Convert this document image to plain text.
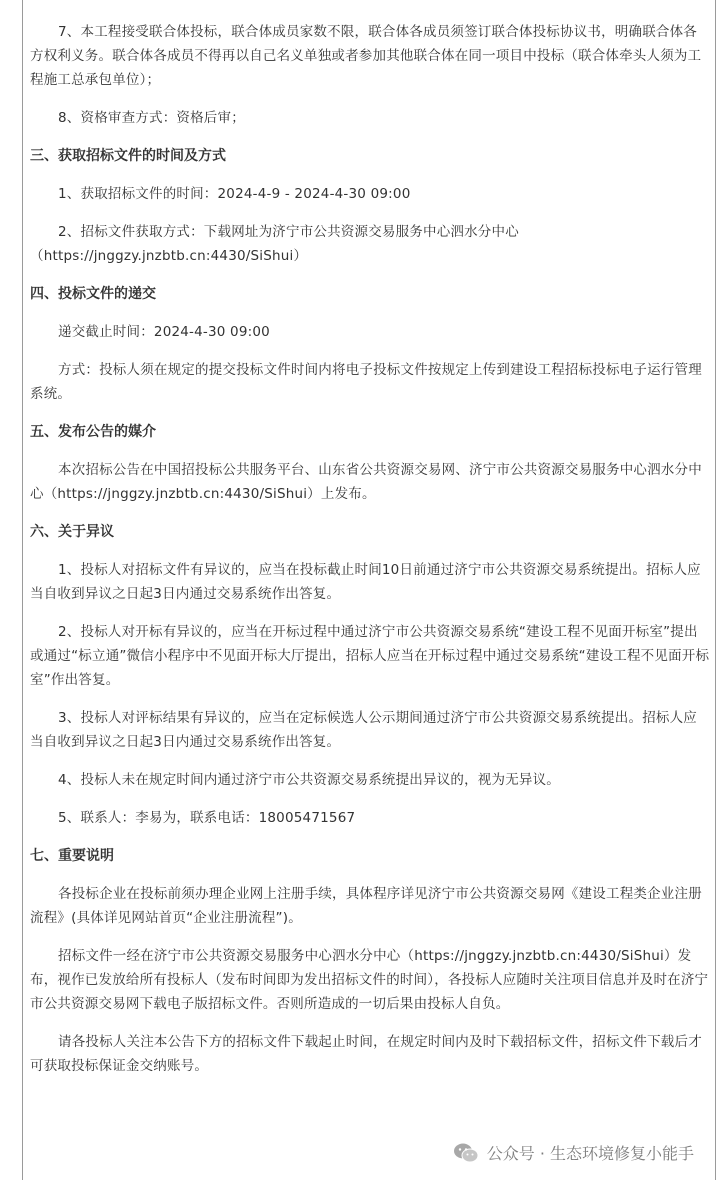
7、本工程接受联合体投标，联合体成员家数不限，联合体各成员须签订联合体投标协议书，明确联合体各方权利义务。联合体各成员不得再以自己名义单独或者参加其他联合体在同一项目中投标（联合体牵头人须为工程施工总承包单位）；

8、资格审查方式：资格后审；

三、获取招标文件的时间及方式

1、获取招标文件的时间：2024-4-9 - 2024-4-30 09:00

2、招标文件获取方式：下载网址为济宁市公共资源交易服务中心泗水分中心（https://jnggzy.jnzbtb.cn:4430/SiShui）

四、投标文件的递交

递交截止时间：2024-4-30 09:00

方式：投标人须在规定的提交投标文件时间内将电子投标文件按规定上传到建设工程招标投标电子运行管理系统。

五、发布公告的媒介

本次招标公告在中国招投标公共服务平台、山东省公共资源交易网、济宁市公共资源交易服务中心泗水分中心（https://jnggzy.jnzbtb.cn:4430/SiShui）上发布。

六、关于异议

1、投标人对招标文件有异议的，应当在投标截止时间10日前通过济宁市公共资源交易系统提出。招标人应当自收到异议之日起3日内通过交易系统作出答复。

2、投标人对开标有异议的，应当在开标过程中通过济宁市公共资源交易系统“建设工程不见面开标室”提出或通过“标立通”微信小程序中不见面开标大厅提出，招标人应当在开标过程中通过交易系统“建设工程不见面开标室”作出答复。

3、投标人对评标结果有异议的，应当在定标候选人公示期间通过济宁市公共资源交易系统提出。招标人应当自收到异议之日起3日内通过交易系统作出答复。

4、投标人未在规定时间内通过济宁市公共资源交易系统提出异议的，视为无异议。

5、联系人：李易为，联系电话：18005471567

七、重要说明

各投标企业在投标前须办理企业网上注册手续，具体程序详见济宁市公共资源交易网《建设工程类企业注册流程》(具体详见网站首页“企业注册流程”)。

招标文件一经在济宁市公共资源交易服务中心泗水分中心（https://jnggzy.jnzbtb.cn:4430/SiShui）发布，视作已发放给所有投标人（发布时间即为发出招标文件的时间），各投标人应随时关注项目信息并及时在济宁市公共资源交易网下载电子版招标文件。否则所造成的一切后果由投标人自负。

请各投标人关注本公告下方的招标文件下载起止时间，在规定时间内及时下载招标文件，招标文件下载后才可获取投标保证金交纳账号。

公众号 · 生态环境修复小能手
